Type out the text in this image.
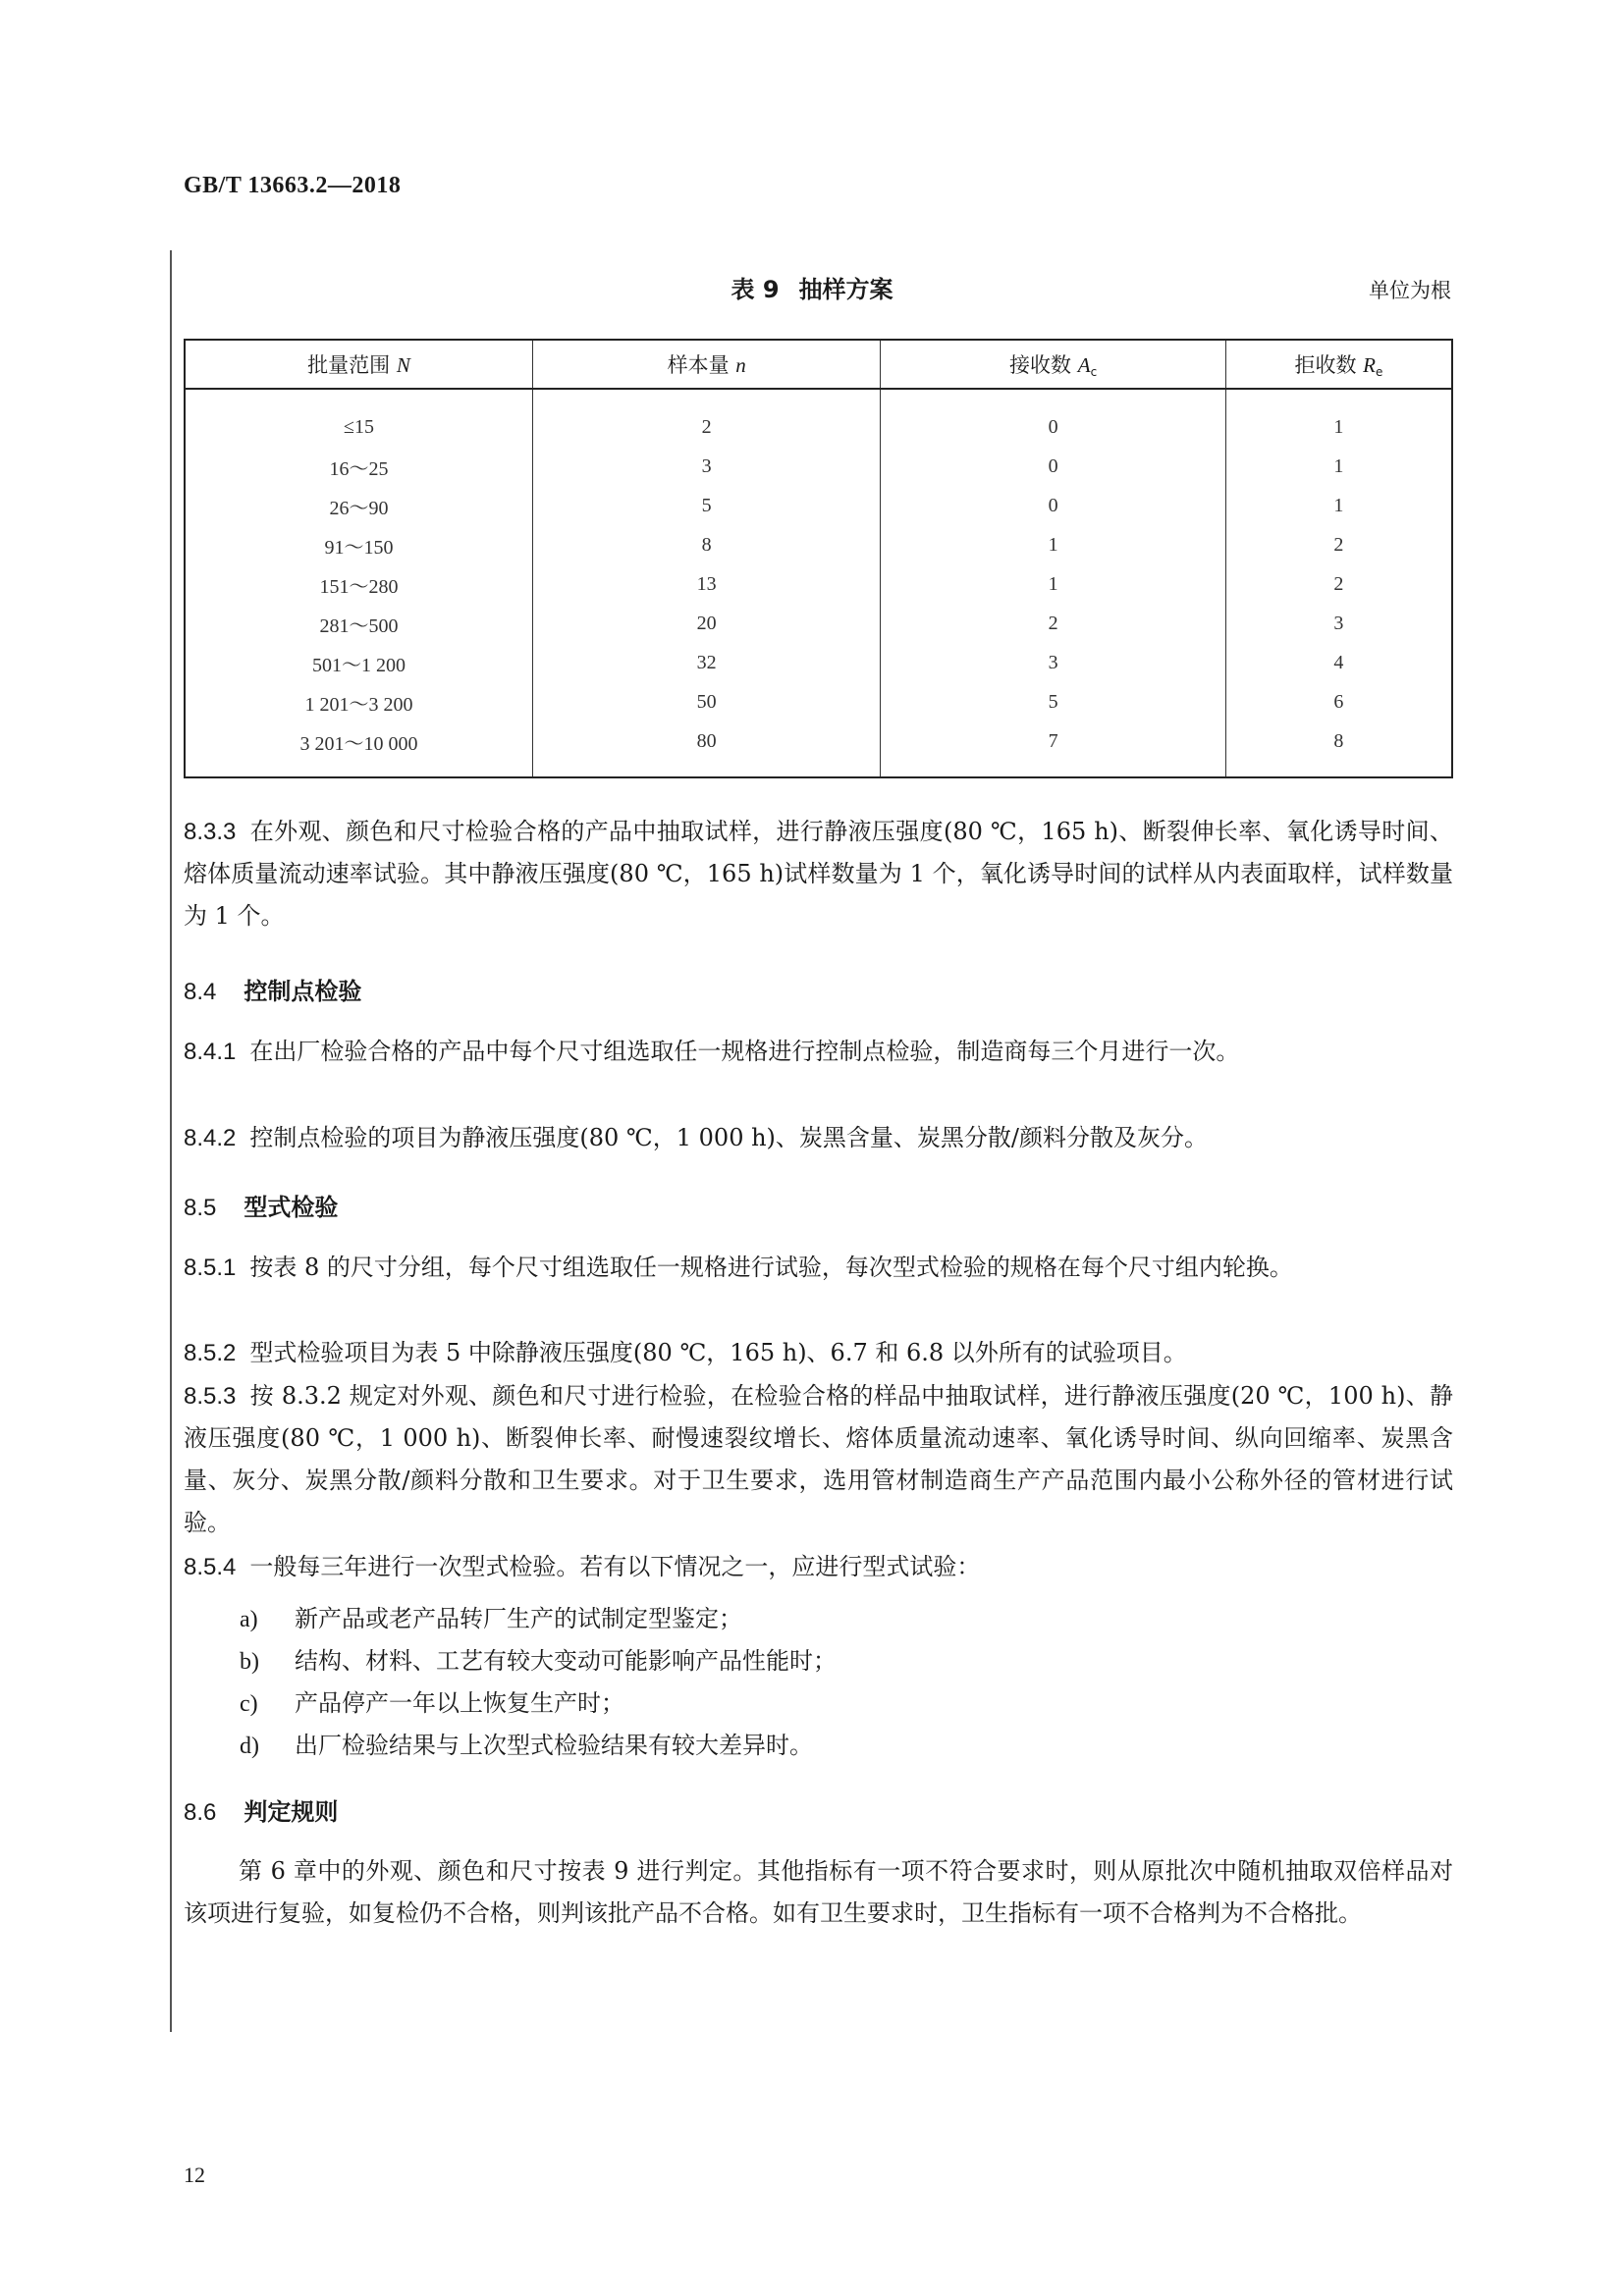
GB/T 13663.2—2018
表 9 抽样方案	单位为根
批量范围 N	样本量 n	接收数 $A_c$	拒收数 $R_e$
≤15	2	0	1
16～25	3	0	1
26～90	5	0	1
91～150	8	1	2
151～280	13	1	2
281～500	20	2	3
501～1 200	32	3	4
1 201～3 200	50	5	6
3 201～10 000	80	7	8
8.3.3 在外观、颜色和尺寸检验合格的产品中抽取试样，进行静液压强度(80 ℃，165 h)、断裂伸长率、氧化诱导时间、熔体质量流动速率试验。其中静液压强度(80 ℃，165 h)试样数量为 1 个，氧化诱导时间的试样从内表面取样，试样数量为 1 个。
8.4 控制点检验
8.4.1 在出厂检验合格的产品中每个尺寸组选取任一规格进行控制点检验，制造商每三个月进行一次。
8.4.2 控制点检验的项目为静液压强度(80 ℃，1 000 h)、炭黑含量、炭黑分散/颜料分散及灰分。
8.5 型式检验
8.5.1 按表 8 的尺寸分组，每个尺寸组选取任一规格进行试验，每次型式检验的规格在每个尺寸组内轮换。
8.5.2 型式检验项目为表 5 中除静液压强度(80 ℃，165 h)、6.7 和 6.8 以外所有的试验项目。
8.5.3 按 8.3.2 规定对外观、颜色和尺寸进行检验，在检验合格的样品中抽取试样，进行静液压强度(20 ℃，100 h)、静液压强度(80 ℃，1 000 h)、断裂伸长率、耐慢速裂纹增长、熔体质量流动速率、氧化诱导时间、纵向回缩率、炭黑含量、灰分、炭黑分散/颜料分散和卫生要求。对于卫生要求，选用管材制造商生产产品范围内最小公称外径的管材进行试验。
8.5.4 一般每三年进行一次型式检验。若有以下情况之一，应进行型式试验：
a) 新产品或老产品转厂生产的试制定型鉴定；
b) 结构、材料、工艺有较大变动可能影响产品性能时；
c) 产品停产一年以上恢复生产时；
d) 出厂检验结果与上次型式检验结果有较大差异时。
8.6 判定规则
第 6 章中的外观、颜色和尺寸按表 9 进行判定。其他指标有一项不符合要求时，则从原批次中随机抽取双倍样品对该项进行复验，如复检仍不合格，则判该批产品不合格。如有卫生要求时，卫生指标有一项不合格判为不合格批。
12
